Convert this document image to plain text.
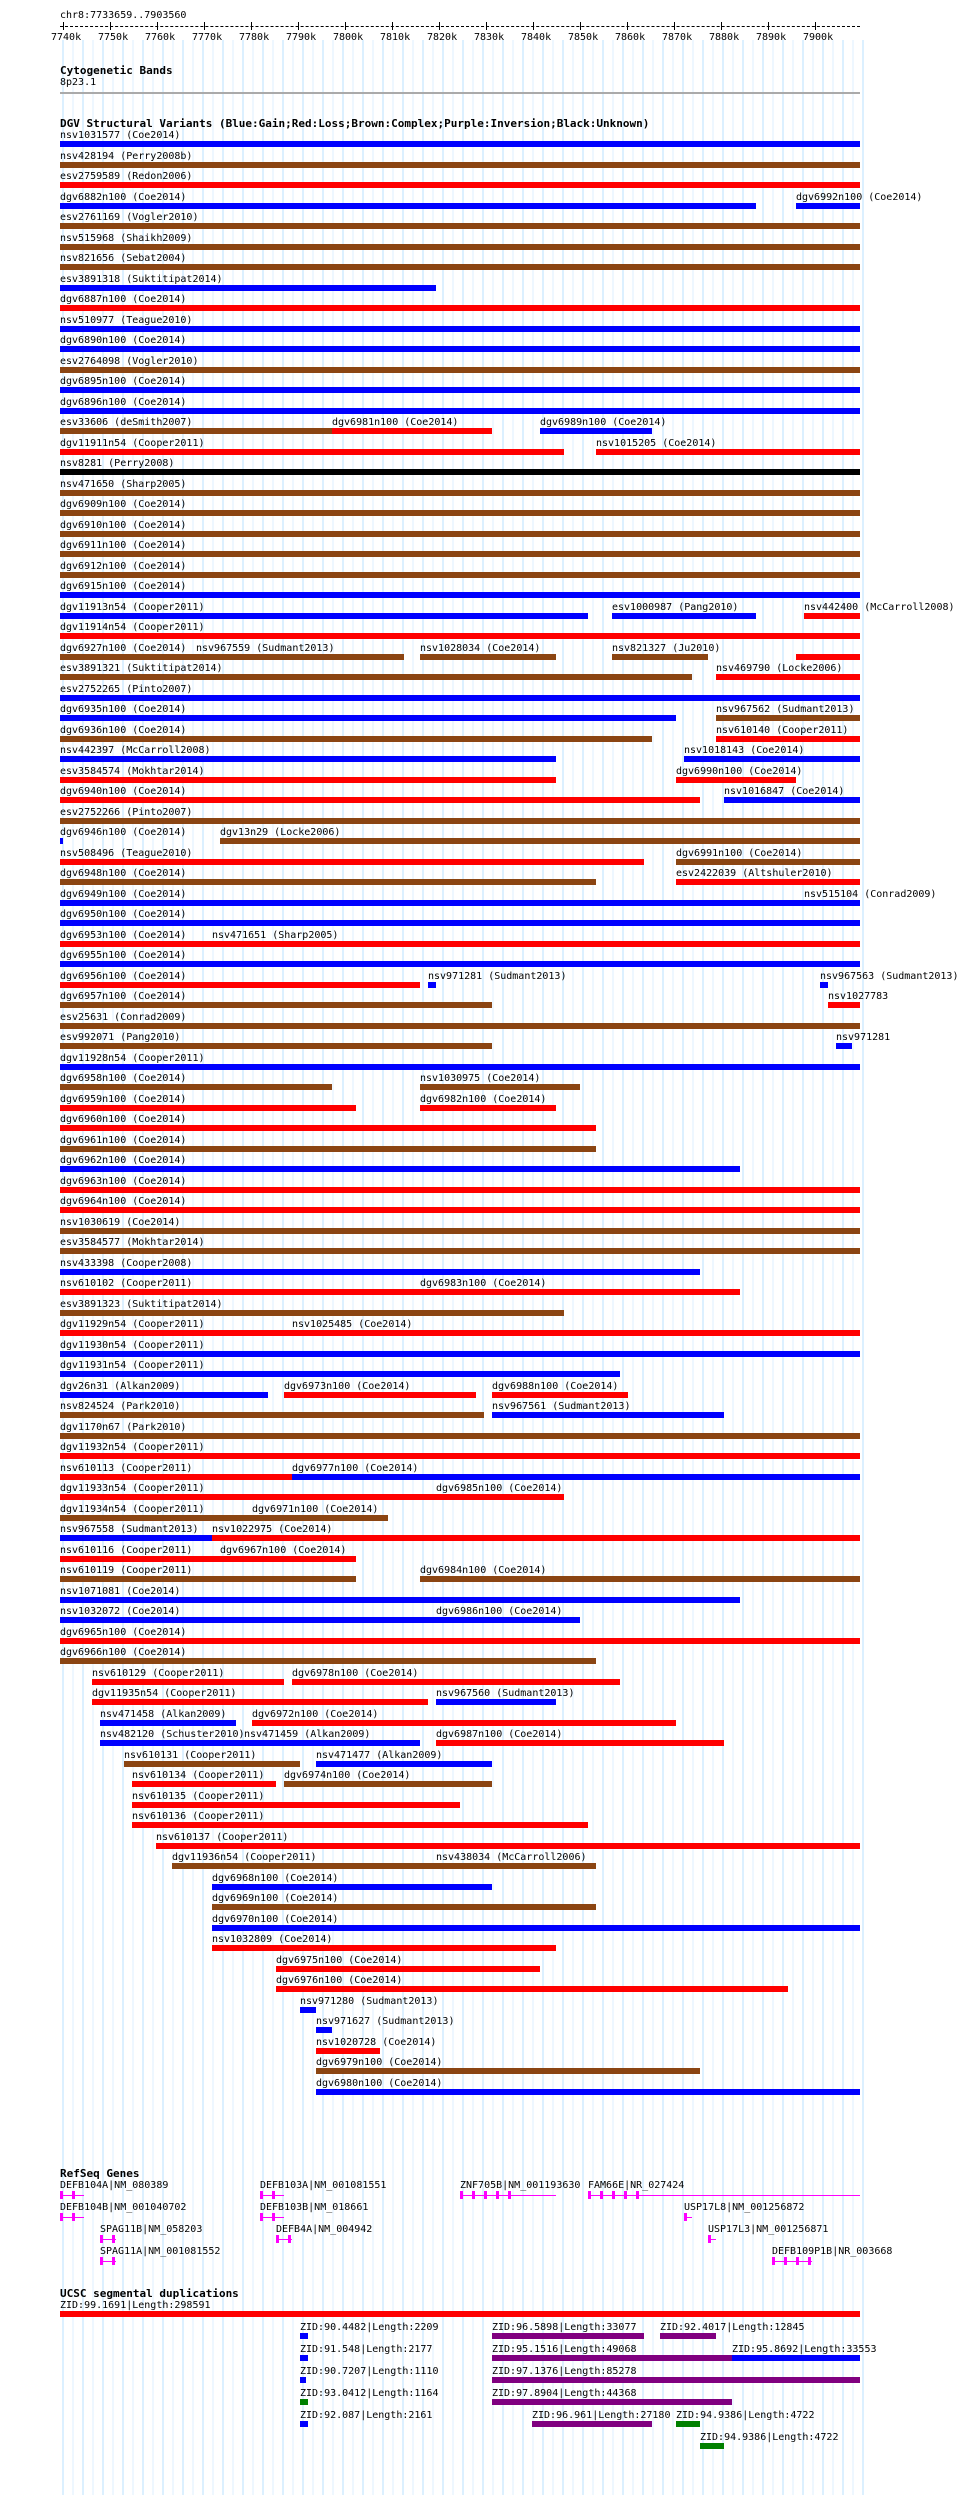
chr8:7733659..7903560
7740k 7750k 7760k 7770k 7780k 7790k 7800k 7810k 7820k 7830k 7840k 7850k 7860k 7870k 7880k 7890k 7900k
Cytogenetic Bands
8p23.1
DGV Structural Variants (Blue:Gain;Red:Loss;Brown:Complex;Purple:Inversion;Black:Unknown)
nsv1031577 (Coe2014)
nsv428194 (Perry2008b)
esv2759589 (Redon2006)
dgv6882n100 (Coe2014)	dgv6992n100 (Coe2014)
esv2761169 (Vogler2010)
nsv515968 (Shaikh2009)
nsv821656 (Sebat2004)
esv3891318 (Suktitipat2014)
dgv6887n100 (Coe2014)
nsv510977 (Teague2010)
dgv6890n100 (Coe2014)
esv2764098 (Vogler2010)
dgv6895n100 (Coe2014)
dgv6896n100 (Coe2014)
esv33606 (deSmith2007)	dgv6981n100 (Coe2014)	dgv6989n100 (Coe2014)
dgv11911n54 (Cooper2011)	nsv1015205 (Coe2014)
nsv8281 (Perry2008)
nsv471650 (Sharp2005)
dgv6909n100 (Coe2014)
dgv6910n100 (Coe2014)
dgv6911n100 (Coe2014)
dgv6912n100 (Coe2014)
dgv6915n100 (Coe2014)
dgv11913n54 (Cooper2011)	esv1000987 (Pang2010)	nsv442400 (McCarroll2008)
dgv11914n54 (Cooper2011)
dgv6927n100 (Coe2014) nsv967559 (Sudmant2013)	nsv1028034 (Coe2014)	nsv821327 (Ju2010)
esv3891321 (Suktitipat2014)	nsv469790 (Locke2006)
esv2752265 (Pinto2007)
dgv6935n100 (Coe2014)	nsv967562 (Sudmant2013)
dgv6936n100 (Coe2014)	nsv610140 (Cooper2011)
nsv442397 (McCarroll2008)	nsv1018143 (Coe2014)
esv3584574 (Mokhtar2014)	dgv6990n100 (Coe2014)
dgv6940n100 (Coe2014)	nsv1016847 (Coe2014)
esv2752266 (Pinto2007)
dgv6946n100 (Coe2014)	dgv13n29 (Locke2006)
nsv508496 (Teague2010)	dgv6991n100 (Coe2014)
dgv6948n100 (Coe2014)	esv2422039 (Altshuler2010)
dgv6949n100 (Coe2014)	nsv515104 (Conrad2009)
dgv6950n100 (Coe2014)
dgv6953n100 (Coe2014)	nsv471651 (Sharp2005)
dgv6955n100 (Coe2014)
dgv6956n100 (Coe2014)	nsv971281 (Sudmant2013)	nsv967563 (Sudmant2013)
dgv6957n100 (Coe2014)	nsv1027783
esv25631 (Conrad2009)
esv992071 (Pang2010)	nsv971281
dgv11928n54 (Cooper2011)
dgv6958n100 (Coe2014)	nsv1030975 (Coe2014)
dgv6959n100 (Coe2014)	dgv6982n100 (Coe2014)
dgv6960n100 (Coe2014)
dgv6961n100 (Coe2014)
dgv6962n100 (Coe2014)
dgv6963n100 (Coe2014)
dgv6964n100 (Coe2014)
nsv1030619 (Coe2014)
esv3584577 (Mokhtar2014)
nsv433398 (Cooper2008)
nsv610102 (Cooper2011)	dgv6983n100 (Coe2014)
esv3891323 (Suktitipat2014)
dgv11929n54 (Cooper2011)	nsv1025485 (Coe2014)
dgv11930n54 (Cooper2011)
dgv11931n54 (Cooper2011)
dgv26n31 (Alkan2009)	dgv6973n100 (Coe2014)	dgv6988n100 (Coe2014)
nsv824524 (Park2010)	nsv967561 (Sudmant2013)
dgv1170n67 (Park2010)
dgv11932n54 (Cooper2011)
nsv610113 (Cooper2011)	dgv6977n100 (Coe2014)
dgv11933n54 (Cooper2011)	dgv6985n100 (Coe2014)
dgv11934n54 (Cooper2011)	dgv6971n100 (Coe2014)
nsv967558 (Sudmant2013) nsv1022975 (Coe2014)
nsv610116 (Cooper2011)	dgv6967n100 (Coe2014)
nsv610119 (Cooper2011)	dgv6984n100 (Coe2014)
nsv1071081 (Coe2014)
nsv1032072 (Coe2014)	dgv6986n100 (Coe2014)
dgv6965n100 (Coe2014)
dgv6966n100 (Coe2014)
nsv610129 (Cooper2011)	dgv6978n100 (Coe2014)
dgv11935n54 (Cooper2011)	nsv967560 (Sudmant2013)
nsv471458 (Alkan2009)	dgv6972n100 (Coe2014)
nsv482120 (Schuster2010) nsv471459 (Alkan2009)	dgv6987n100 (Coe2014)
nsv610131 (Cooper2011)	nsv471477 (Alkan2009)
nsv610134 (Cooper2011) dgv6974n100 (Coe2014)
nsv610135 (Cooper2011)
nsv610136 (Cooper2011)
nsv610137 (Cooper2011)
dgv11936n54 (Cooper2011)	nsv438034 (McCarroll2006)
dgv6968n100 (Coe2014)
dgv6969n100 (Coe2014)
dgv6970n100 (Coe2014)
nsv1032809 (Coe2014)
dgv6975n100 (Coe2014)
dgv6976n100 (Coe2014)
nsv971280 (Sudmant2013)
nsv971627 (Sudmant2013)
nsv1020728 (Coe2014)
dgv6979n100 (Coe2014)
dgv6980n100 (Coe2014)
RefSeq Genes
DEFB104A|NM_080389	DEFB103A|NM_001081551	ZNF705B|NM_001193630 FAM66E|NR_027424
DEFB104B|NM_001040702	DEFB103B|NM_018661	USP17L8|NM_001256872
SPAG11B|NM_058203	DEFB4A|NM_004942	USP17L3|NM_001256871
SPAG11A|NM_001081552	DEFB109P1B|NR_003668
UCSC segmental duplications
ZID:99.1691|Length:298591
ZID:90.4482|Length:2209	ZID:96.5898|Length:33077 ZID:92.4017|Length:12845
ZID:91.548|Length:2177	ZID:95.1516|Length:49068	ZID:95.8692|Length:33553
ZID:90.7207|Length:1110	ZID:97.1376|Length:85278
ZID:93.0412|Length:1164	ZID:97.8904|Length:44368
ZID:92.087|Length:2161	ZID:96.961|Length:27180 ZID:94.9386|Length:4722
ZID:94.9386|Length:4722
